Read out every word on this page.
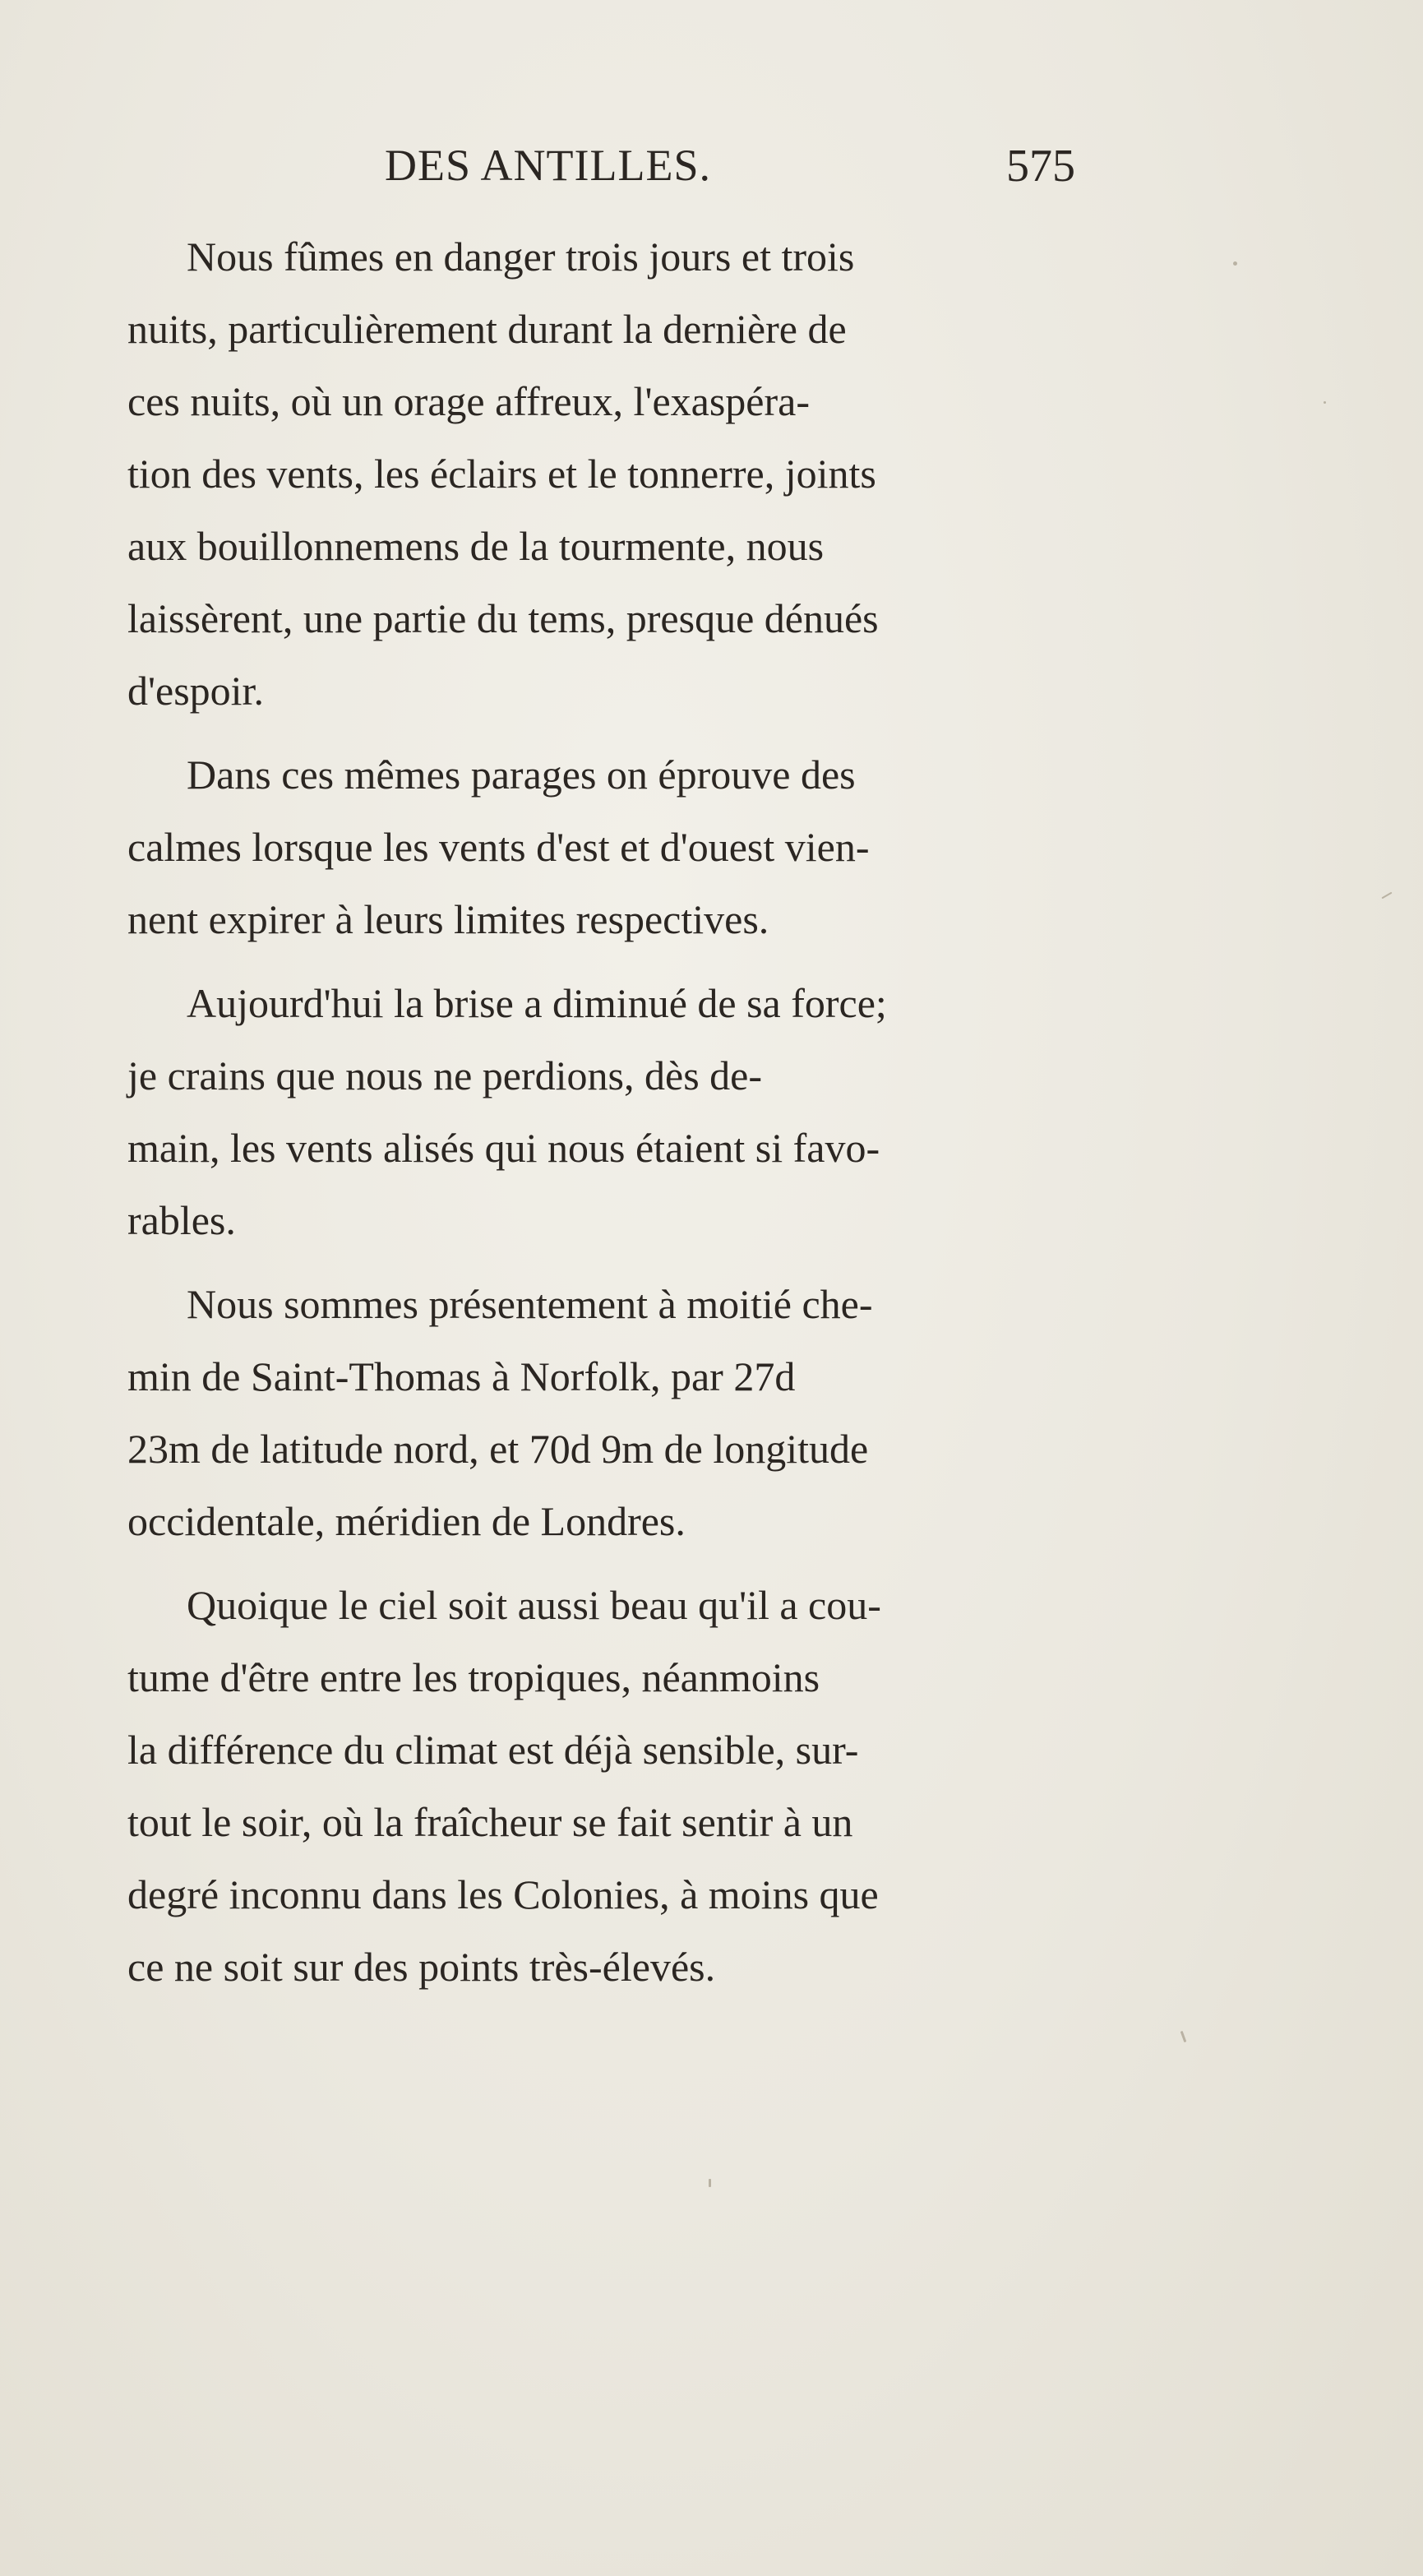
DES ANTILLES.	575
Nous fûmes en danger trois jours et trois
nuits, particulièrement durant la dernière de
ces nuits, où un orage affreux, l'exaspéra-
tion des vents, les éclairs et le tonnerre, joints
aux bouillonnemens de la tourmente, nous
laissèrent, une partie du tems, presque dénués
d'espoir.
Dans ces mêmes parages on éprouve des
calmes lorsque les vents d'est et d'ouest vien-
nent expirer à leurs limites respectives.
Aujourd'hui la brise a diminué de sa force;
je crains que nous ne perdions, dès de-
main, les vents alisés qui nous étaient si favo-
rables.
Nous sommes présentement à moitié che-
min de Saint-Thomas à Norfolk, par 27d
23m de latitude nord, et 70d 9m de longitude
occidentale, méridien de Londres.
Quoique le ciel soit aussi beau qu'il a cou-
tume d'être entre les tropiques, néanmoins
la différence du climat est déjà sensible, sur-
tout le soir, où la fraîcheur se fait sentir à un
degré inconnu dans les Colonies, à moins que
ce ne soit sur des points très-élevés.
